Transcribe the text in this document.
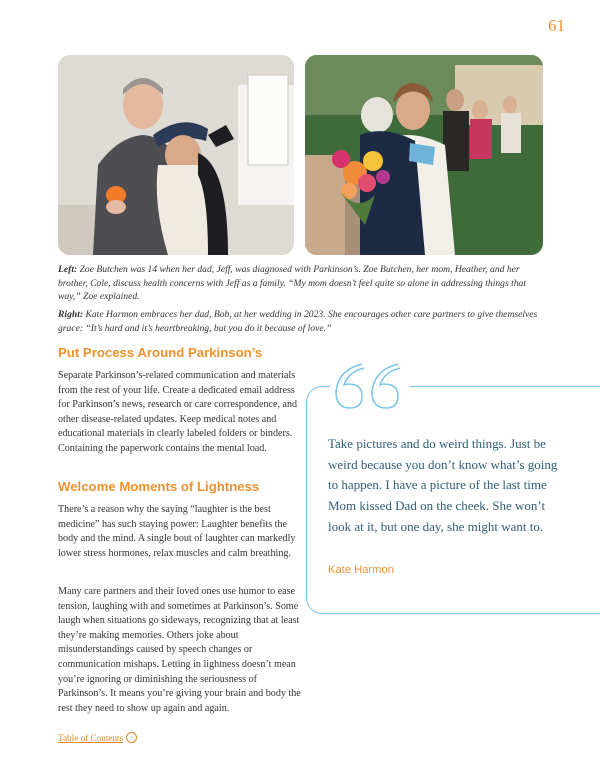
61
Left: Zoe Butchen was 14 when her dad, Jeff, was diagnosed with Parkinson’s. Zoe Butchen, her mom, Heather, and her brother, Cole, discuss health concerns with Jeff as a family. “My mom doesn’t feel quite so alone in addressing things that way,” Zoe explained.
Right: Kate Harmon embraces her dad, Bob, at her wedding in 2023. She encourages other care partners to give themselves grace: “It’s hard and it’s heartbreaking, but you do it because of love.”
Put Process Around Parkinson’s

Separate Parkinson’s-related communication and materials from the rest of your life. Create a dedicated email address for Parkinson’s news, research or care correspondence, and other disease-related updates. Keep medical notes and educational materials in clearly labeled folders or binders. Containing the paperwork contains the mental load.

Welcome Moments of Lightness

There’s a reason why the saying “laughter is the best medicine” has such staying power: Laughter benefits the body and the mind. A single bout of laughter can markedly lower stress hormones, relax muscles and calm breathing.

Many care partners and their loved ones use humor to ease tension, laughing with and sometimes at Parkinson’s. Some laugh when situations go sideways, recognizing that at least they’re making memories. Others joke about misunderstandings caused by speech changes or communication mishaps. Letting in lightness doesn’t mean you’re ignoring or diminishing the seriousness of Parkinson’s. It means you’re giving your brain and body the rest they need to show up again and again.

Take pictures and do weird things. Just be weird because you don’t know what’s going to happen. I have a picture of the last time Mom kissed Dad on the cheek. She won’t look at it, but one day, she might want to.
Kate Harmon
Table of Contents	›
